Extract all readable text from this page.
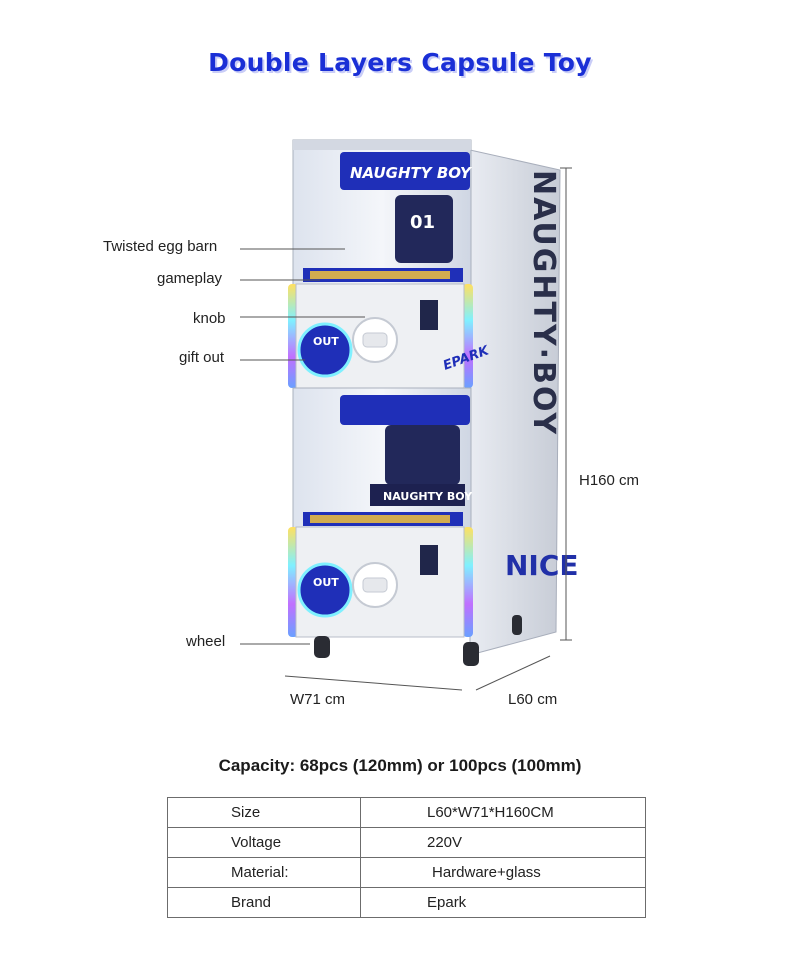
Double Layers Capsule Toy
NAUGHTY·BOY
NICE
NAUGHTY BOY
01
OUT
EPARK
NAUGHTY BOY
OUT
Twisted egg barn
gameplay
knob
gift out
wheel
H160 cm
W71 cm	L60 cm
Capacity: 68pcs (120mm) or 100pcs (100mm)
Size	L60*W71*H160CM
Voltage	220V
Material:	Hardware+glass
Brand	Epark
